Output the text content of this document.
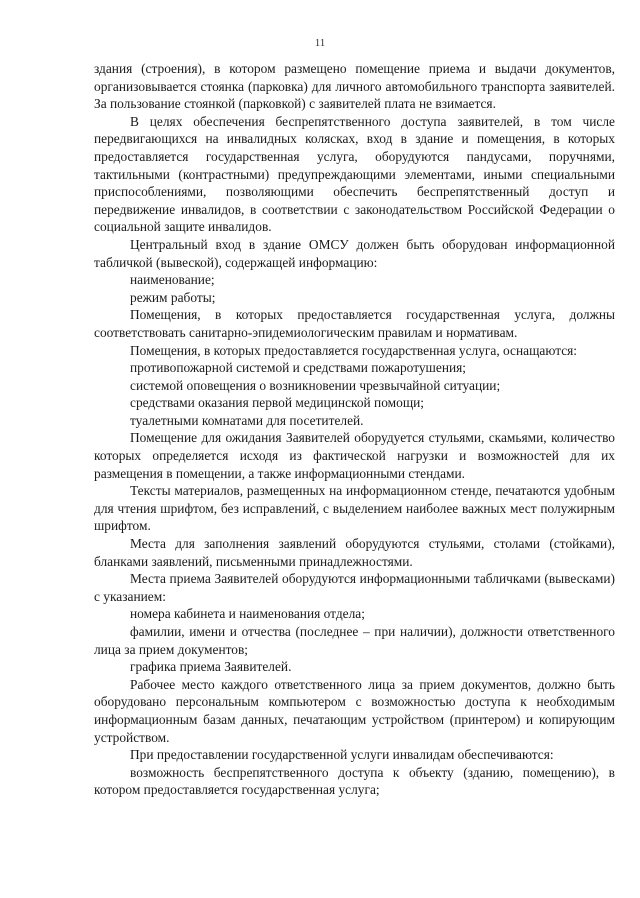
11

здания (строения), в котором размещено помещение приема и выдачи документов, организовывается стоянка (парковка) для личного автомобильного транспорта заявителей. За пользование стоянкой (парковкой) с заявителей плата не взимается.

В целях обеспечения беспрепятственного доступа заявителей, в том числе передвигающихся на инвалидных колясках, вход в здание и помещения, в которых предоставляется государственная услуга, оборудуются пандусами, поручнями, тактильными (контрастными) предупреждающими элементами, иными специальными приспособлениями, позволяющими обеспечить беспрепятственный доступ и передвижение инвалидов, в соответствии с законодательством Российской Федерации о социальной защите инвалидов.

Центральный вход в здание ОМСУ должен быть оборудован информационной табличкой (вывеской), содержащей информацию:

наименование;

режим работы;

Помещения, в которых предоставляется государственная услуга, должны соответствовать санитарно-эпидемиологическим правилам и нормативам.

Помещения, в которых предоставляется государственная услуга, оснащаются:

противопожарной системой и средствами пожаротушения;

системой оповещения о возникновении чрезвычайной ситуации;

средствами оказания первой медицинской помощи;

туалетными комнатами для посетителей.

Помещение для ожидания Заявителей оборудуется стульями, скамьями, количество которых определяется исходя из фактической нагрузки и возможностей для их размещения в помещении, а также информационными стендами.

Тексты материалов, размещенных на информационном стенде, печатаются удобным для чтения шрифтом, без исправлений, с выделением наиболее важных мест полужирным шрифтом.

Места для заполнения заявлений оборудуются стульями, столами (стойками), бланками заявлений, письменными принадлежностями.

Места приема Заявителей оборудуются информационными табличками (вывесками) с указанием:

номера кабинета и наименования отдела;

фамилии, имени и отчества (последнее – при наличии), должности ответственного лица за прием документов;

графика приема Заявителей.

Рабочее место каждого ответственного лица за прием документов, должно быть оборудовано персональным компьютером с возможностью доступа к необходимым информационным базам данных, печатающим устройством (принтером) и копирующим устройством.

При предоставлении государственной услуги инвалидам обеспечиваются:

возможность беспрепятственного доступа к объекту (зданию, помещению), в котором предоставляется государственная услуга;
